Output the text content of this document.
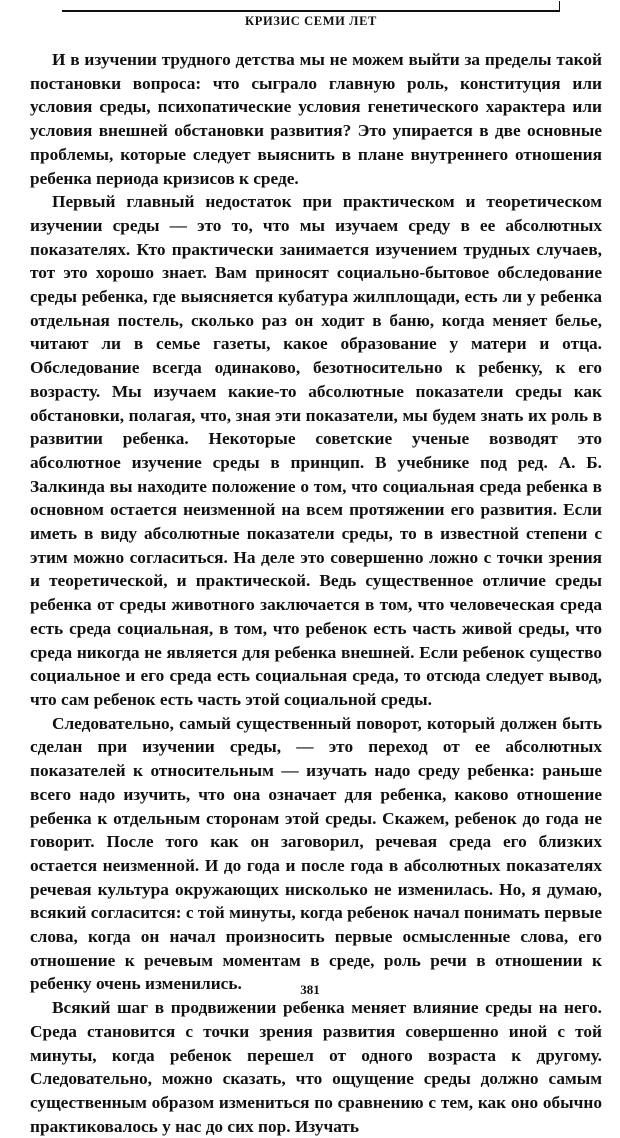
КРИЗИС СЕМИ ЛЕТ

И в изучении трудного детства мы не можем выйти за пределы такой постановки вопроса: что сыграло главную роль, конституция или условия среды, психопатические условия генетического характера или условия внешней обстановки развития? Это упирается в две основные проблемы, которые следует выяснить в плане внутреннего отношения ребенка периода кризисов к среде.

Первый главный недостаток при практическом и теоретическом изучении среды — это то, что мы изучаем среду в ее абсолютных показателях. Кто практически занимается изучением трудных случаев, тот это хорошо знает. Вам приносят социально-бытовое обследование среды ребенка, где выясняется кубатура жилплощади, есть ли у ребенка отдельная постель, сколько раз он ходит в баню, когда меняет белье, читают ли в семье газеты, какое образование у матери и отца. Обследование всегда одинаково, безотносительно к ребенку, к его возрасту. Мы изучаем какие-то абсолютные показатели среды как обстановки, полагая, что, зная эти показатели, мы будем знать их роль в развитии ребенка. Некоторые советские ученые возводят это абсолютное изучение среды в принцип. В учебнике под ред. А. Б. Залкинда вы находите положение о том, что социальная среда ребенка в основном остается неизменной на всем протяжении его развития. Если иметь в виду абсолютные показатели среды, то в известной степени с этим можно согласиться. На деле это совершенно ложно с точки зрения и теоретической, и практической. Ведь существенное отличие среды ребенка от среды животного заключается в том, что человеческая среда есть среда социальная, в том, что ребенок есть часть живой среды, что среда никогда не является для ребенка внешней. Если ребенок существо социальное и его среда есть социальная среда, то отсюда следует вывод, что сам ребенок есть часть этой социальной среды.

Следовательно, самый существенный поворот, который должен быть сделан при изучении среды, — это переход от ее абсолютных показателей к относительным — изучать надо среду ребенка: раньше всего надо изучить, что она означает для ребенка, каково отношение ребенка к отдельным сторонам этой среды. Скажем, ребенок до года не говорит. После того как он заговорил, речевая среда его близких остается неизменной. И до года и после года в абсолютных показателях речевая культура окружающих нисколько не изменилась. Но, я думаю, всякий согласится: с той минуты, когда ребенок начал понимать первые слова, когда он начал произносить первые осмысленные слова, его отношение к речевым моментам в среде, роль речи в отношении к ребенку очень изменились.

Всякий шаг в продвижении ребенка меняет влияние среды на него. Среда становится с точки зрения развития совершенно иной с той минуты, когда ребенок перешел от одного возраста к другому. Следовательно, можно сказать, что ощущение среды должно самым существенным образом измениться по сравнению с тем, как оно обычно практиковалось у нас до сих пор. Изучать

381
